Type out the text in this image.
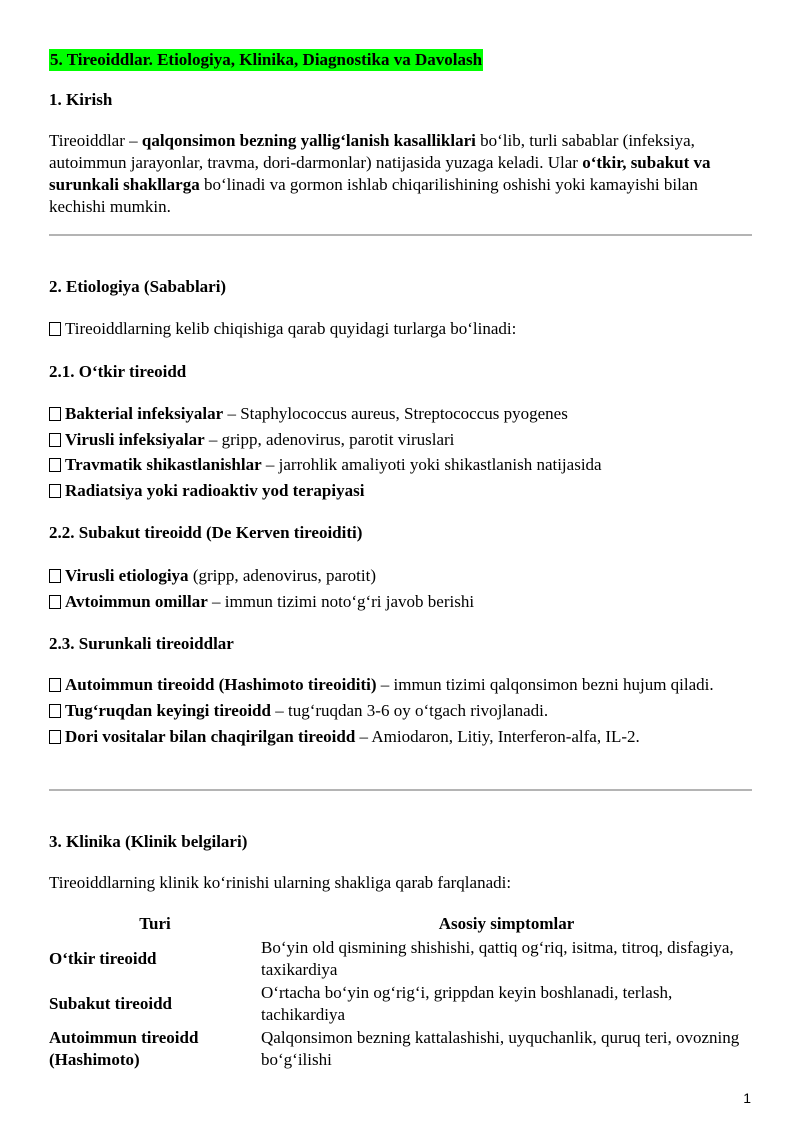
5. Tireoiddlar. Etiologiya, Klinika, Diagnostika va Davolash
1. Kirish
Tireoiddlar – qalqonsimon bezning yallig‘lanish kasalliklari bo‘lib, turli sabablar (infeksiya, autoimmun jarayonlar, travma, dori-darmonlar) natijasida yuzaga keladi. Ular o‘tkir, subakut va surunkali shakllarga bo‘linadi va gormon ishlab chiqarilishining oshishi yoki kamayishi bilan kechishi mumkin.
2. Etiologiya (Sabablari)
Tireoiddlarning kelib chiqishiga qarab quyidagi turlarga bo‘linadi:
2.1. O‘tkir tireoidd
Bakterial infeksiyalar – Staphylococcus aureus, Streptococcus pyogenes
Virusli infeksiyalar – gripp, adenovirus, parotit viruslari
Travmatik shikastlanishlar – jarrohlik amaliyoti yoki shikastlanish natijasida
Radiatsiya yoki radioaktiv yod terapiyasi
2.2. Subakut tireoidd (De Kerven tireoiditi)
Virusli etiologiya (gripp, adenovirus, parotit)
Avtoimmun omillar – immun tizimi noto‘g‘ri javob berishi
2.3. Surunkali tireoiddlar
Autoimmun tireoidd (Hashimoto tireoiditi) – immun tizimi qalqonsimon bezni hujum qiladi.
Tug‘ruqdan keyingi tireoidd – tug‘ruqdan 3-6 oy o‘tgach rivojlanadi.
Dori vositalar bilan chaqirilgan tireoidd – Amiodaron, Litiy, Interferon-alfa, IL-2.
3. Klinika (Klinik belgilari)
Tireoiddlarning klinik ko‘rinishi ularning shakliga qarab farqlanadi:
Turi	Asosiy simptomlar
O‘tkir tireoidd	Bo‘yin old qismining shishishi, qattiq og‘riq, isitma, titroq, disfagiya, taxikardiya
Subakut tireoidd	O‘rtacha bo‘yin og‘rig‘i, grippdan keyin boshlanadi, terlash, tachikardiya
Autoimmun tireoidd (Hashimoto)	Qalqonsimon bezning kattalashishi, uyquchanlik, quruq teri, ovozning bo‘g‘ilishi
1
